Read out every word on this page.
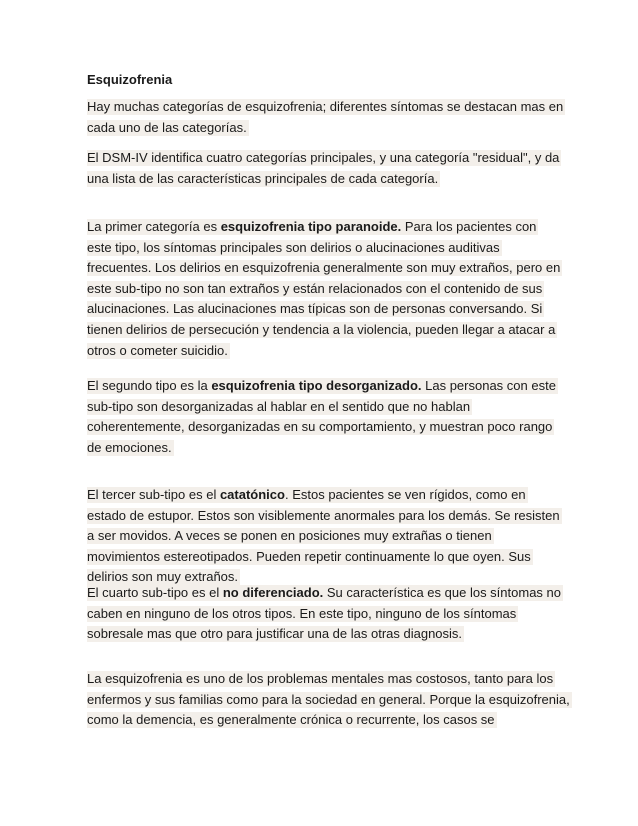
Esquizofrenia
Hay muchas categorías de esquizofrenia; diferentes síntomas se destacan mas en
cada uno de las categorías.
El DSM-IV identifica cuatro categorías principales, y una categoría "residual", y da
una lista de las características principales de cada categoría.
La primer categoría es esquizofrenia tipo paranoide. Para los pacientes con
este tipo, los síntomas principales son delirios o alucinaciones auditivas
frecuentes. Los delirios en esquizofrenia generalmente son muy extraños, pero en
este sub-tipo no son tan extraños y están relacionados con el contenido de sus
alucinaciones. Las alucinaciones mas típicas son de personas conversando. Si
tienen delirios de persecución y tendencia a la violencia, pueden llegar a atacar a
otros o cometer suicidio.
El segundo tipo es la esquizofrenia tipo desorganizado. Las personas con este
sub-tipo son desorganizadas al hablar en el sentido que no hablan
coherentemente, desorganizadas en su comportamiento, y muestran poco rango
de emociones.
El tercer sub-tipo es el catatónico. Estos pacientes se ven rígidos, como en
estado de estupor. Estos son visiblemente anormales para los demás. Se resisten
a ser movidos. A veces se ponen en posiciones muy extrañas o tienen
movimientos estereotipados. Pueden repetir continuamente lo que oyen. Sus
delirios son muy extraños.
El cuarto sub-tipo es el no diferenciado. Su característica es que los síntomas no
caben en ninguno de los otros tipos. En este tipo, ninguno de los síntomas
sobresale mas que otro para justificar una de las otras diagnosis.
La esquizofrenia es uno de los problemas mentales mas costosos, tanto para los
enfermos y sus familias como para la sociedad en general. Porque la esquizofrenia,
como la demencia, es generalmente crónica o recurrente, los casos se
